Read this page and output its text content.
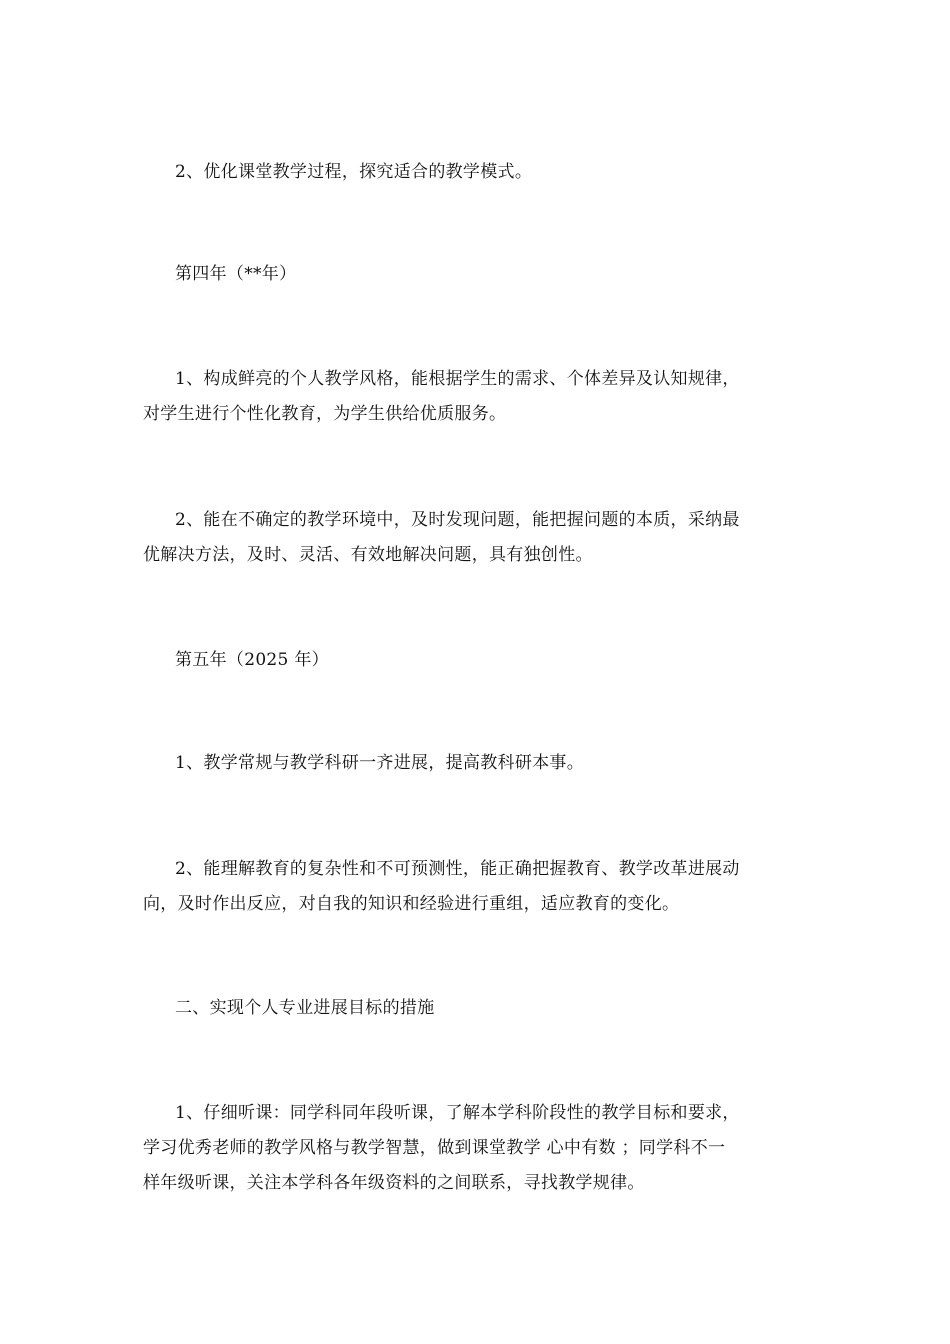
2、优化课堂教学过程，探究适合的教学模式。
第四年（**年）
1、构成鲜亮的个人教学风格，能根据学生的需求、个体差异及认知规律，
对学生进行个性化教育，为学生供给优质服务。
2、能在不确定的教学环境中，及时发现问题，能把握问题的本质，采纳最
优解决方法，及时、灵活、有效地解决问题，具有独创性。
第五年（2025 年）
1、教学常规与教学科研一齐进展，提高教科研本事。
2、能理解教育的复杂性和不可预测性，能正确把握教育、教学改革进展动
向，及时作出反应，对自我的知识和经验进行重组，适应教育的变化。
二、实现个人专业进展目标的措施
1、仔细听课：同学科同年段听课，了解本学科阶段性的教学目标和要求，
学习优秀老师的教学风格与教学智慧，做到课堂教学 心中有数 ；同学科不一
样年级听课，关注本学科各年级资料的之间联系，寻找教学规律。
